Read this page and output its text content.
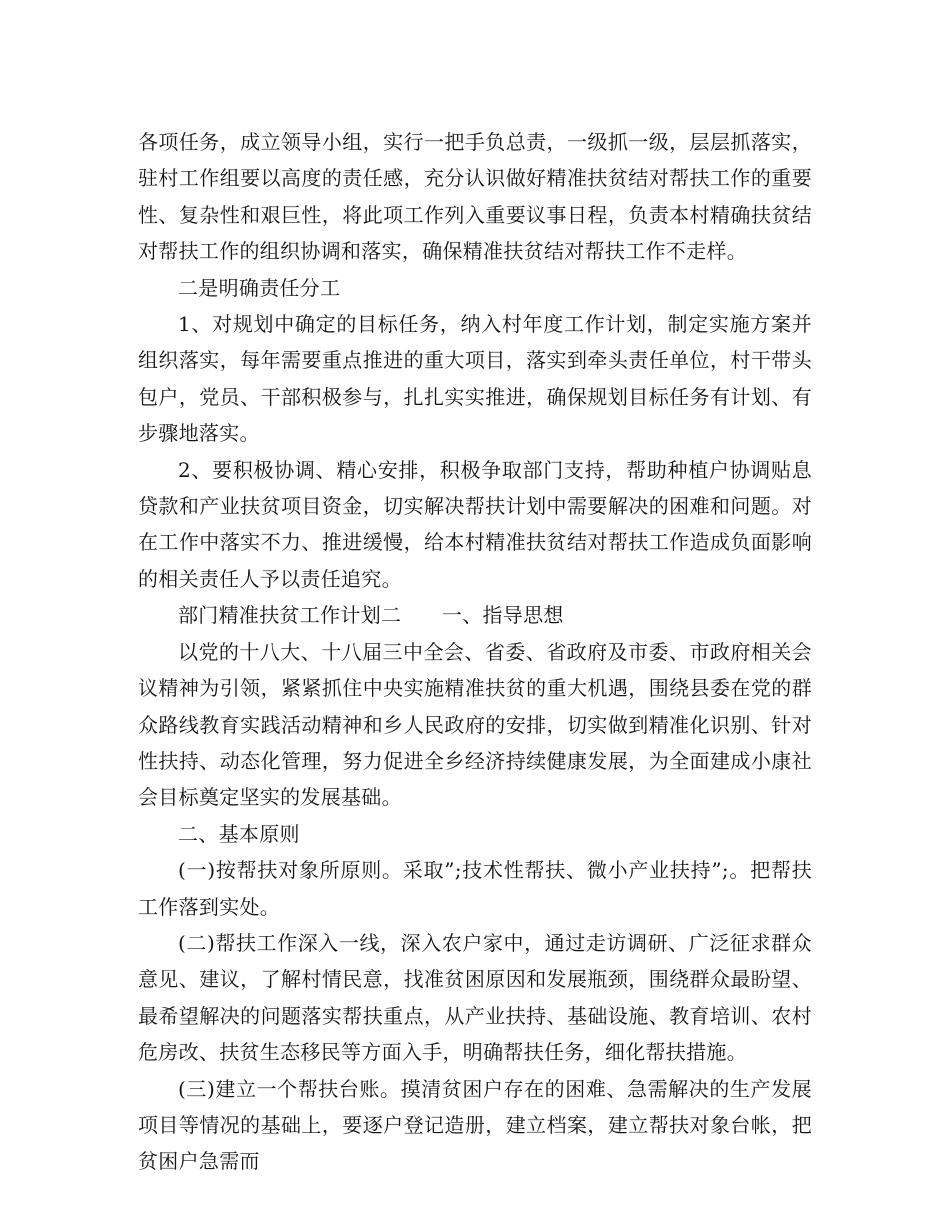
各项任务，成立领导小组，实行一把手负总责，一级抓一级，层层抓落实，驻村工作组要以高度的责任感，充分认识做好精准扶贫结对帮扶工作的重要性、复杂性和艰巨性，将此项工作列入重要议事日程，负责本村精确扶贫结对帮扶工作的组织协调和落实，确保精准扶贫结对帮扶工作不走样。

二是明确责任分工

1、对规划中确定的目标任务，纳入村年度工作计划，制定实施方案并组织落实，每年需要重点推进的重大项目，落实到牵头责任单位，村干带头包户，党员、干部积极参与，扎扎实实推进，确保规划目标任务有计划、有步骤地落实。

2、要积极协调、精心安排，积极争取部门支持，帮助种植户协调贴息贷款和产业扶贫项目资金，切实解决帮扶计划中需要解决的困难和问题。对在工作中落实不力、推进缓慢，给本村精准扶贫结对帮扶工作造成负面影响的相关责任人予以责任追究。

部门精准扶贫工作计划二　　一、指导思想

以党的十八大、十八届三中全会、省委、省政府及市委、市政府相关会议精神为引领，紧紧抓住中央实施精准扶贫的重大机遇，围绕县委在党的群众路线教育实践活动精神和乡人民政府的安排，切实做到精准化识别、针对性扶持、动态化管理，努力促进全乡经济持续健康发展，为全面建成小康社会目标奠定坚实的发展基础。

二、基本原则

(一)按帮扶对象所原则。采取”;技术性帮扶、微小产业扶持”;。把帮扶工作落到实处。

(二)帮扶工作深入一线，深入农户家中，通过走访调研、广泛征求群众意见、建议，了解村情民意，找准贫困原因和发展瓶颈，围绕群众最盼望、最希望解决的问题落实帮扶重点，从产业扶持、基础设施、教育培训、农村危房改、扶贫生态移民等方面入手，明确帮扶任务，细化帮扶措施。

(三)建立一个帮扶台账。摸清贫困户存在的困难、急需解决的生产发展项目等情况的基础上，要逐户登记造册，建立档案，建立帮扶对象台帐，把贫困户急需而
